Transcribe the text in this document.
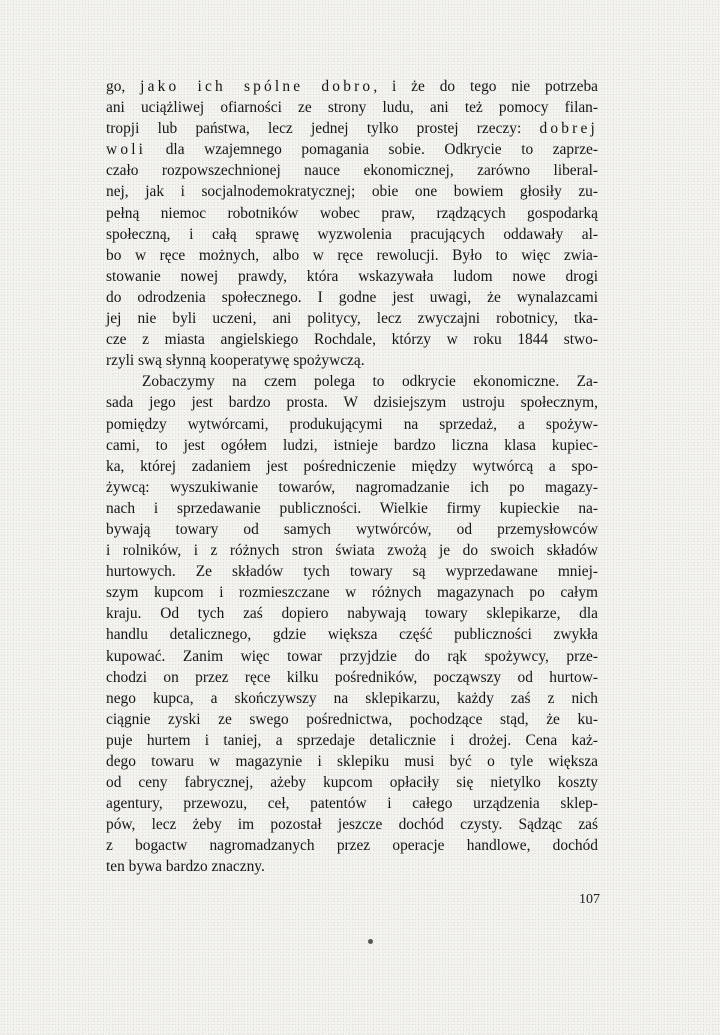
go, jako ich spólne dobro, i że do tego nie potrzeba
ani uciążliwej ofiarności ze strony ludu, ani też pomocy filan-
tropji lub państwa, lecz jednej tylko prostej rzeczy: dobrej
woli dla wzajemnego pomagania sobie. Odkrycie to zaprze-
czało rozpowszechnionej nauce ekonomicznej, zarówno liberal-
nej, jak i socjalnodemokratycznej; obie one bowiem głosiły zu-
pełną niemoc robotników wobec praw, rządzących gospodarką
społeczną, i całą sprawę wyzwolenia pracujących oddawały al-
bo w ręce możnych, albo w ręce rewolucji. Było to więc zwia-
stowanie nowej prawdy, która wskazywała ludom nowe drogi
do odrodzenia społecznego. I godne jest uwagi, że wynalazcami
jej nie byli uczeni, ani politycy, lecz zwyczajni robotnicy, tka-
cze z miasta angielskiego Rochdale, którzy w roku 1844 stwo-
rzyli swą słynną kooperatywę spożywczą.
Zobaczymy na czem polega to odkrycie ekonomiczne. Za-
sada jego jest bardzo prosta. W dzisiejszym ustroju społecznym,
pomiędzy wytwórcami, produkującymi na sprzedaż, a spożyw-
cami, to jest ogółem ludzi, istnieje bardzo liczna klasa kupiec-
ka, której zadaniem jest pośredniczenie między wytwórcą a spo-
żywcą: wyszukiwanie towarów, nagromadzanie ich po magazy-
nach i sprzedawanie publiczności. Wielkie firmy kupieckie na-
bywają towary od samych wytwórców, od przemysłowców
i rolników, i z różnych stron świata zwożą je do swoich składów
hurtowych. Ze składów tych towary są wyprzedawane mniej-
szym kupcom i rozmieszczane w różnych magazynach po całym
kraju. Od tych zaś dopiero nabywają towary sklepikarze, dla
handlu detalicznego, gdzie większa część publiczności zwykła
kupować. Zanim więc towar przyjdzie do rąk spożywcy, prze-
chodzi on przez ręce kilku pośredników, począwszy od hurtow-
nego kupca, a skończywszy na sklepikarzu, każdy zaś z nich
ciągnie zyski ze swego pośrednictwa, pochodzące stąd, że ku-
puje hurtem i taniej, a sprzedaje detalicznie i drożej. Cena każ-
dego towaru w magazynie i sklepiku musi być o tyle większa
od ceny fabrycznej, ażeby kupcom opłaciły się nietylko koszty
agentury, przewozu, ceł, patentów i całego urządzenia sklep-
pów, lecz żeby im pozostał jeszcze dochód czysty. Sądząc zaś
z bogactw nagromadzanych przez operacje handlowe, dochód
ten bywa bardzo znaczny.
107
